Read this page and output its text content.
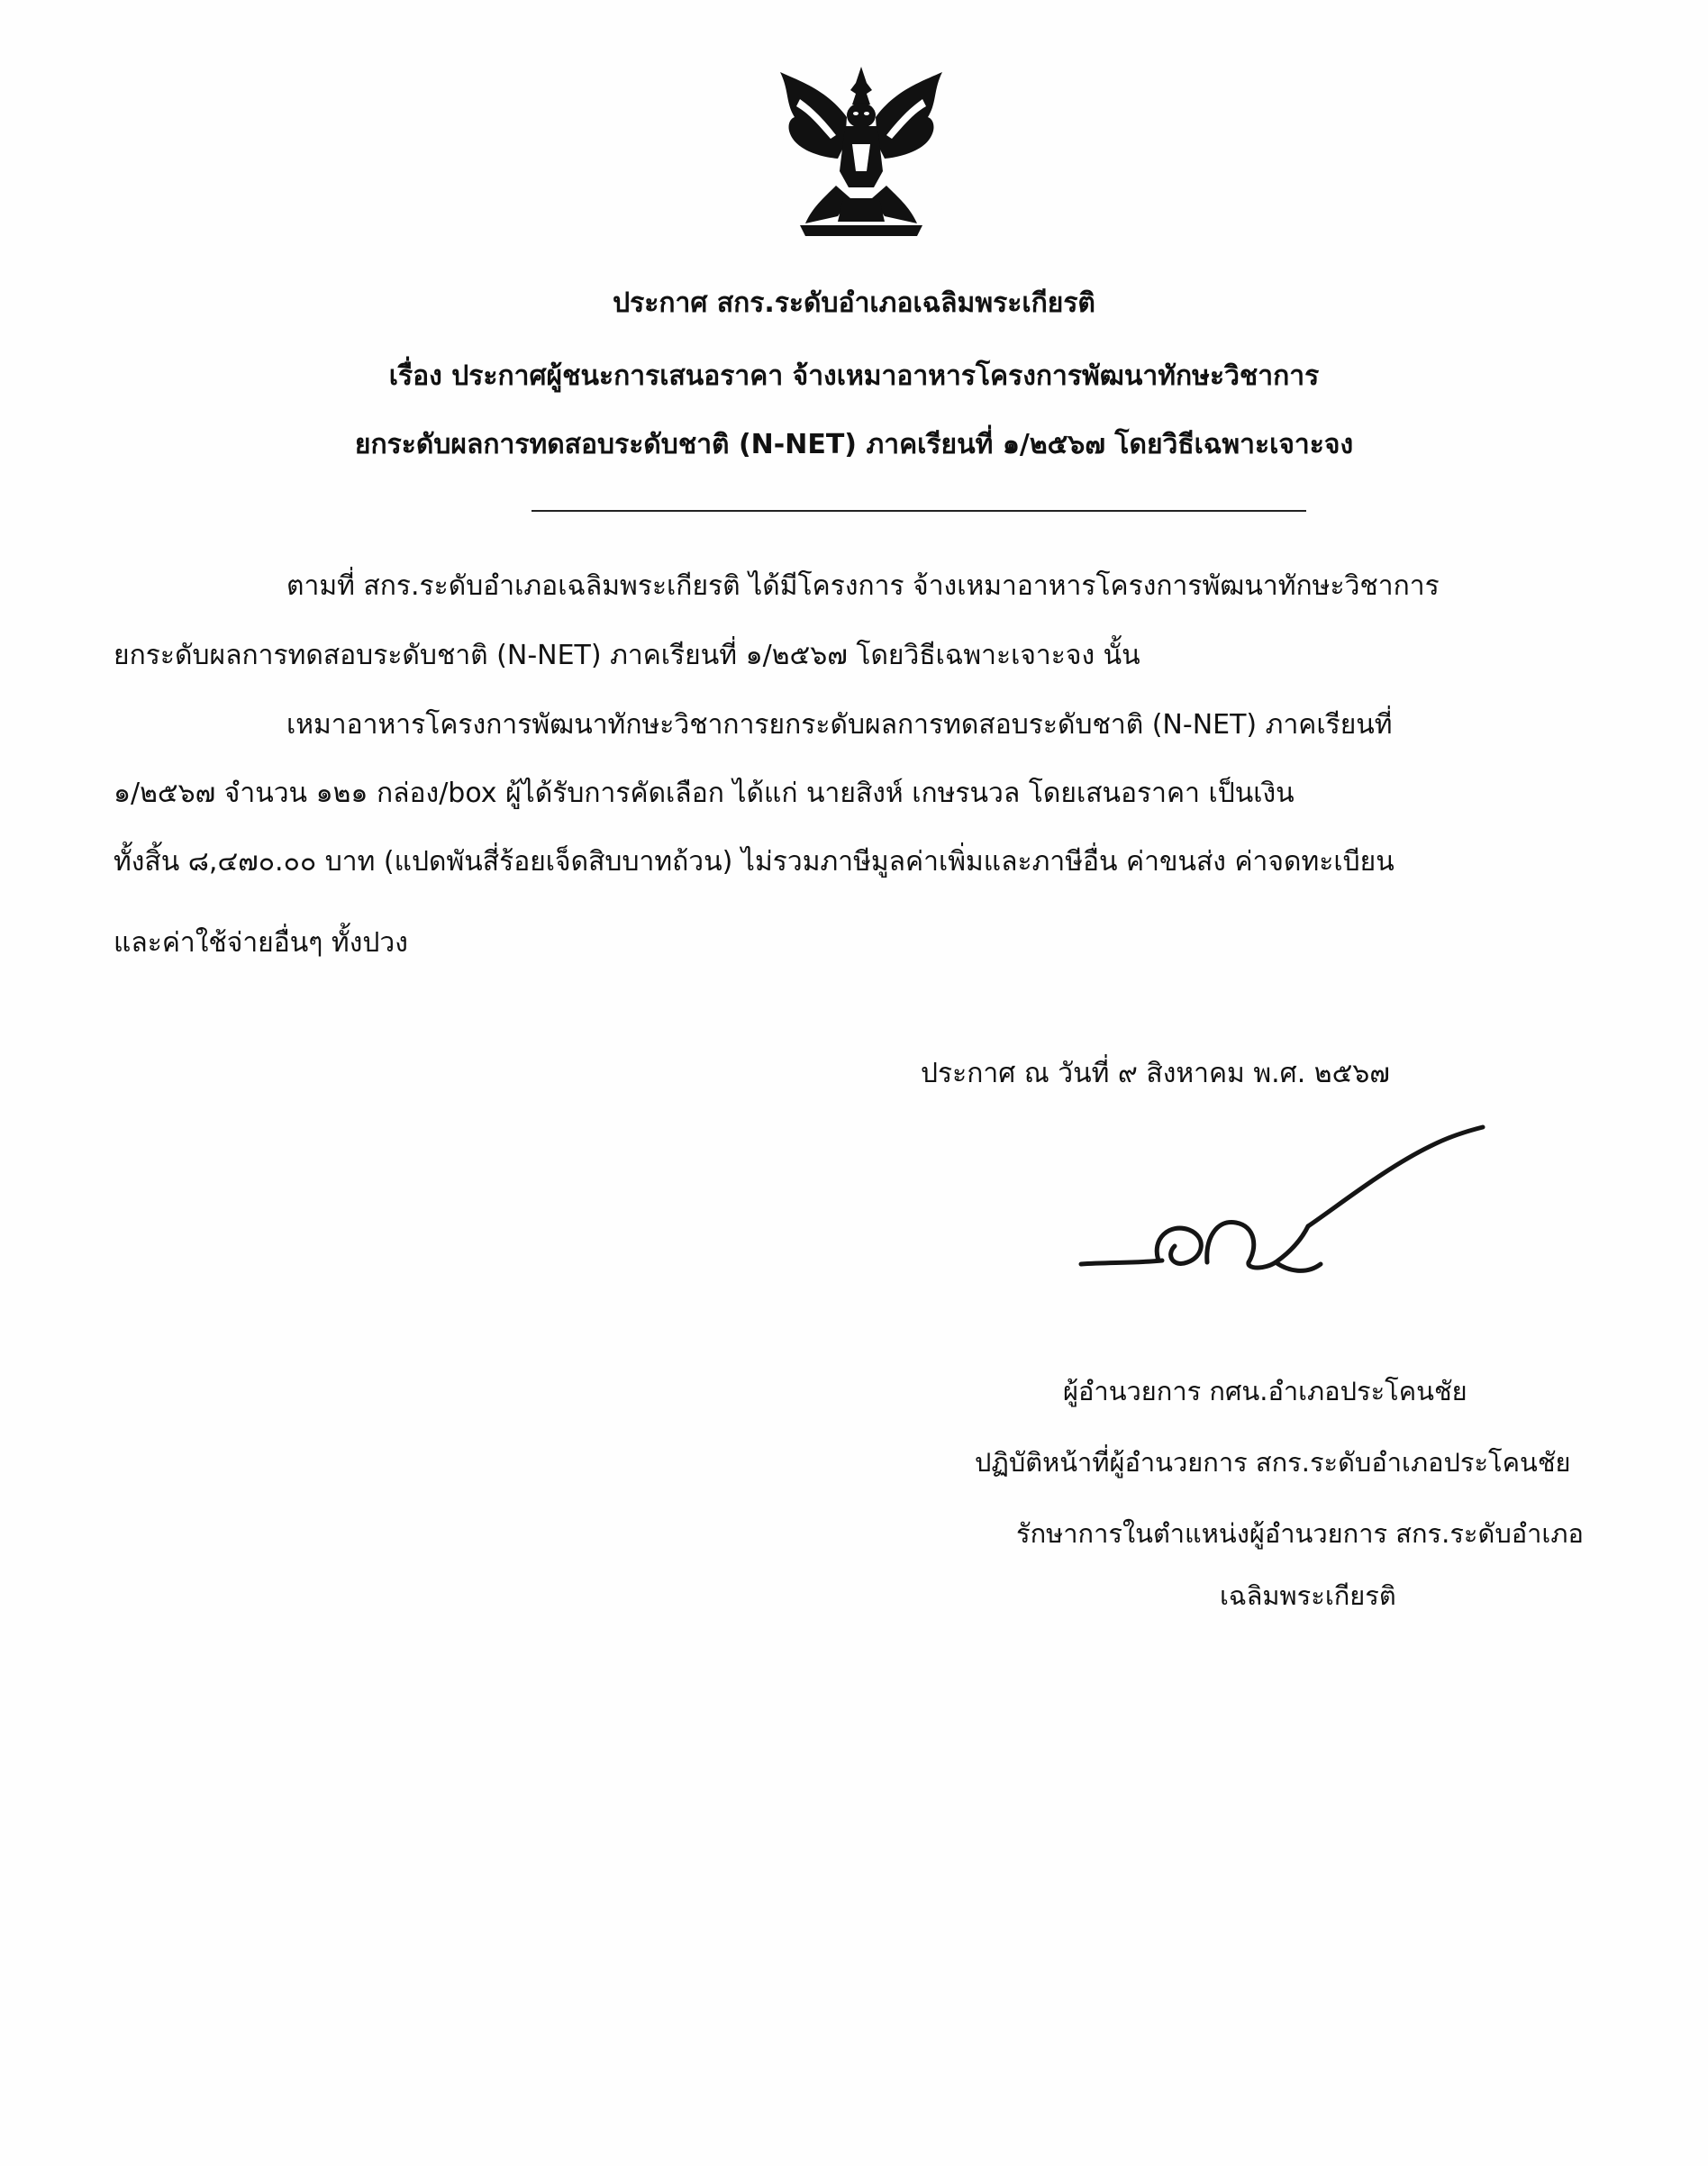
ประกาศ สกร.ระดับอำเภอเฉลิมพระเกียรติ
เรื่อง ประกาศผู้ชนะการเสนอราคา จ้างเหมาอาหารโครงการพัฒนาทักษะวิชาการ
ยกระดับผลการทดสอบระดับชาติ (N-NET) ภาคเรียนที่ ๑/๒๕๖๗ โดยวิธีเฉพาะเจาะจง
ตามที่ สกร.ระดับอำเภอเฉลิมพระเกียรติ ได้มีโครงการ จ้างเหมาอาหารโครงการพัฒนาทักษะวิชาการ
ยกระดับผลการทดสอบระดับชาติ (N-NET) ภาคเรียนที่ ๑/๒๕๖๗ โดยวิธีเฉพาะเจาะจง นั้น
เหมาอาหารโครงการพัฒนาทักษะวิชาการยกระดับผลการทดสอบระดับชาติ (N-NET) ภาคเรียนที่
๑/๒๕๖๗ จำนวน ๑๒๑ กล่อง/box ผู้ได้รับการคัดเลือก ได้แก่ นายสิงห์ เกษรนวล โดยเสนอราคา เป็นเงิน
ทั้งสิ้น ๘,๔๗๐.๐๐ บาท (แปดพันสี่ร้อยเจ็ดสิบบาทถ้วน) ไม่รวมภาษีมูลค่าเพิ่มและภาษีอื่น ค่าขนส่ง ค่าจดทะเบียน
และค่าใช้จ่ายอื่นๆ ทั้งปวง
ประกาศ ณ วันที่ ๙ สิงหาคม พ.ศ. ๒๕๖๗
ผู้อำนวยการ กศน.อำเภอประโคนชัย
ปฏิบัติหน้าที่ผู้อำนวยการ สกร.ระดับอำเภอประโคนชัย
รักษาการในตำแหน่งผู้อำนวยการ สกร.ระดับอำเภอ
เฉลิมพระเกียรติ
